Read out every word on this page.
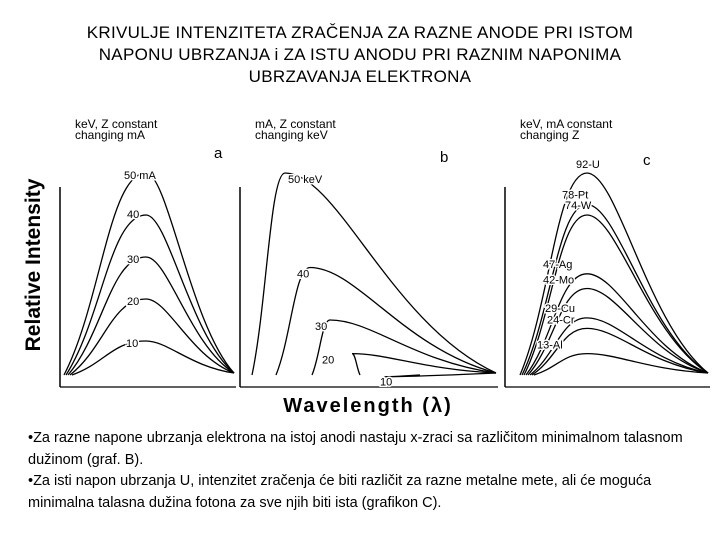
KRIVULJE INTENZITETA ZRAČENJA ZA RAZNE ANODE PRI ISTOM
NAPONU UBRZANJA i ZA ISTU ANODU PRI RAZNIM NAPONIMA
UBRZAVANJA ELEKTRONA
Relative Intensity
Wavelength (λ)
keV, Z constant
changing mA
a
50 mA
40
30
20
10
mA, Z constant
changing keV
b
50 keV
40
30
20
10
keV, mA constant
changing Z
c
92-U
78-Pt
74-W
47-Ag
42-Mo
29-Cu
24-Cr
13-Al

•Za razne napone ubrzanja elektrona na istoj anodi nastaju x-zraci sa različitom minimalnom talasnom dužinom (graf. B).

•Za isti napon ubrzanja U, intenzitet zračenja će biti različit za razne metalne mete, ali će moguća minimalna talasna dužina fotona za sve njih biti ista (grafikon C).
